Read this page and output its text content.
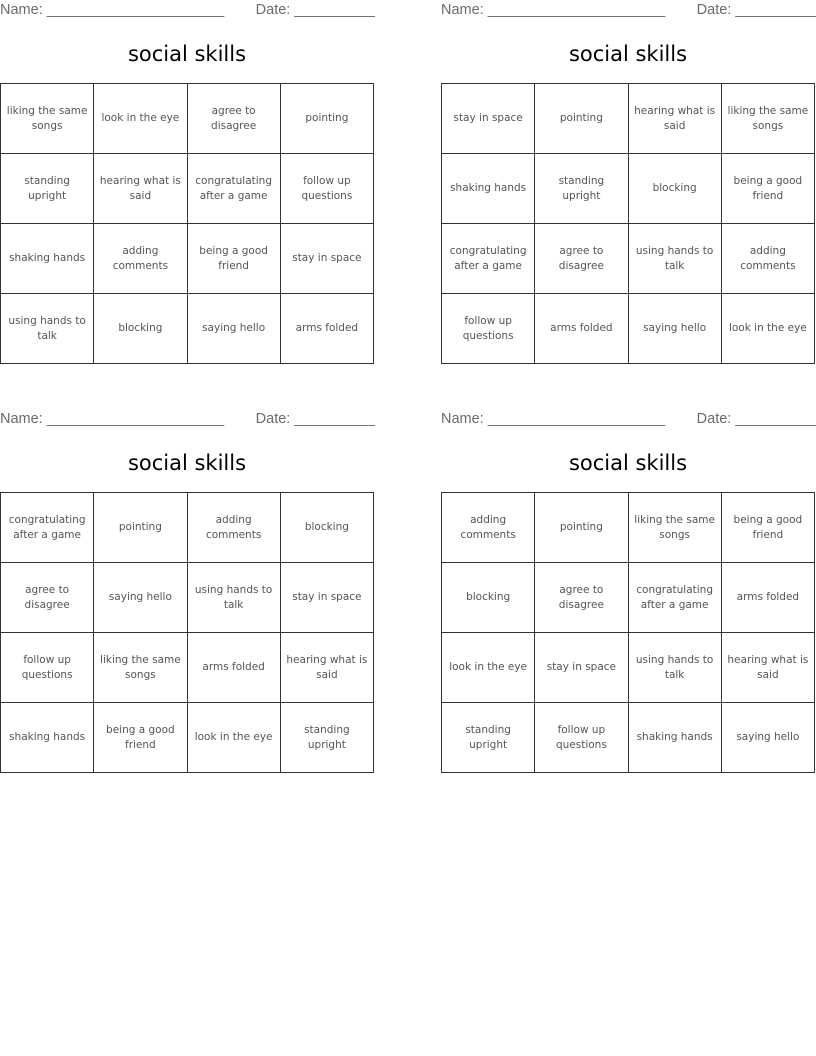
Name: ______________________ Date: __________
social skills
liking the same songs	look in the eye	agree to disagree	pointing
standing upright	hearing what is said	congratulating after a game	follow up questions
shaking hands	adding comments	being a good friend	stay in space
using hands to talk	blocking	saying hello	arms folded
Name: ______________________ Date: __________
social skills
stay in space	pointing	hearing what is said	liking the same songs
shaking hands	standing upright	blocking	being a good friend
congratulating after a game	agree to disagree	using hands to talk	adding comments
follow up questions	arms folded	saying hello	look in the eye
Name: ______________________ Date: __________
social skills
congratulating after a game	pointing	adding comments	blocking
agree to disagree	saying hello	using hands to talk	stay in space
follow up questions	liking the same songs	arms folded	hearing what is said
shaking hands	being a good friend	look in the eye	standing upright
Name: ______________________ Date: __________
social skills
adding comments	pointing	liking the same songs	being a good friend
blocking	agree to disagree	congratulating after a game	arms folded
look in the eye	stay in space	using hands to talk	hearing what is said
standing upright	follow up questions	shaking hands	saying hello
